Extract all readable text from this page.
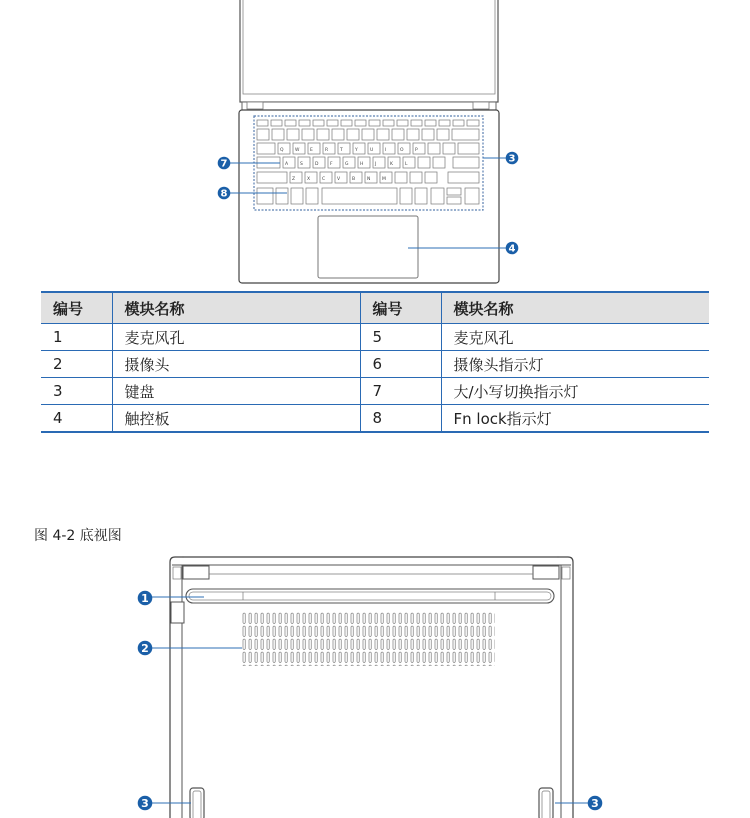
Q	W E	R	T	Y	U	I	O	P
A	S	D	F	G	H	J	K	L
Z	X	C	V	B	N	M
7
8
3
4
编号	模块名称	编号	模块名称
1	麦克风孔	5	麦克风孔
2	摄像头	6	摄像头指示灯
3	键盘	7	大/小写切换指示灯
4	触控板	8	Fn lock指示灯
图 4-2 底视图
1
2
3	3
